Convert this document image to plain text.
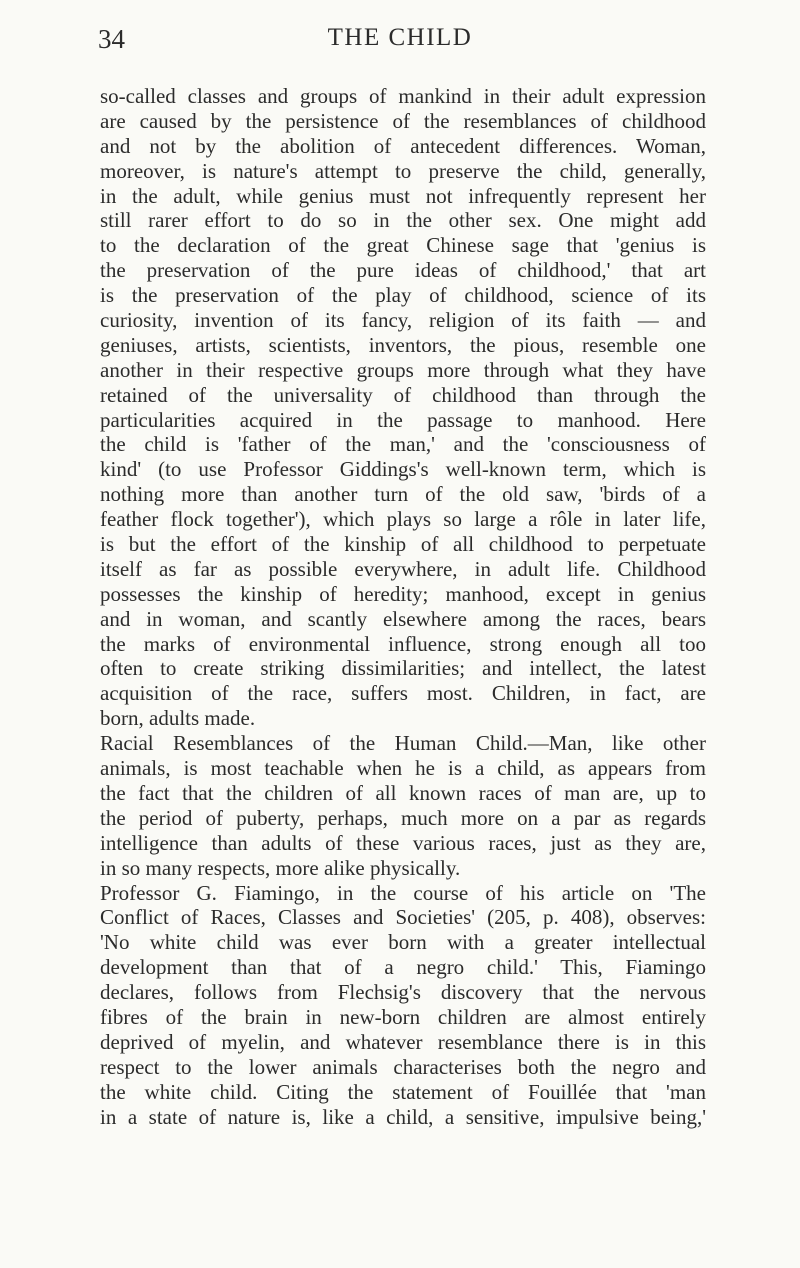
34	THE CHILD
so-called classes and groups of mankind in their adult expression
are caused by the persistence of the resemblances of childhood
and not by the abolition of antecedent differences. Woman,
moreover, is nature's attempt to preserve the child, generally,
in the adult, while genius must not infrequently represent her
still rarer effort to do so in the other sex. One might add
to the declaration of the great Chinese sage that 'genius is
the preservation of the pure ideas of childhood,' that art
is the preservation of the play of childhood, science of its
curiosity, invention of its fancy, religion of its faith — and
geniuses, artists, scientists, inventors, the pious, resemble one
another in their respective groups more through what they have
retained of the universality of childhood than through the
particularities acquired in the passage to manhood. Here
the child is 'father of the man,' and the 'consciousness of
kind' (to use Professor Giddings's well-known term, which is
nothing more than another turn of the old saw, 'birds of a
feather flock together'), which plays so large a rôle in later life,
is but the effort of the kinship of all childhood to perpetuate
itself as far as possible everywhere, in adult life. Childhood
possesses the kinship of heredity; manhood, except in genius
and in woman, and scantly elsewhere among the races, bears
the marks of environmental influence, strong enough all too
often to create striking dissimilarities; and intellect, the latest
acquisition of the race, suffers most. Children, in fact, are
born, adults made.
Racial Resemblances of the Human Child.—Man, like other
animals, is most teachable when he is a child, as appears from
the fact that the children of all known races of man are, up to
the period of puberty, perhaps, much more on a par as regards
intelligence than adults of these various races, just as they are,
in so many respects, more alike physically.
Professor G. Fiamingo, in the course of his article on 'The
Conflict of Races, Classes and Societies' (205, p. 408), observes:
'No white child was ever born with a greater intellectual
development than that of a negro child.' This, Fiamingo
declares, follows from Flechsig's discovery that the nervous
fibres of the brain in new-born children are almost entirely
deprived of myelin, and whatever resemblance there is in this
respect to the lower animals characterises both the negro and
the white child. Citing the statement of Fouillée that 'man
in a state of nature is, like a child, a sensitive, impulsive being,'
